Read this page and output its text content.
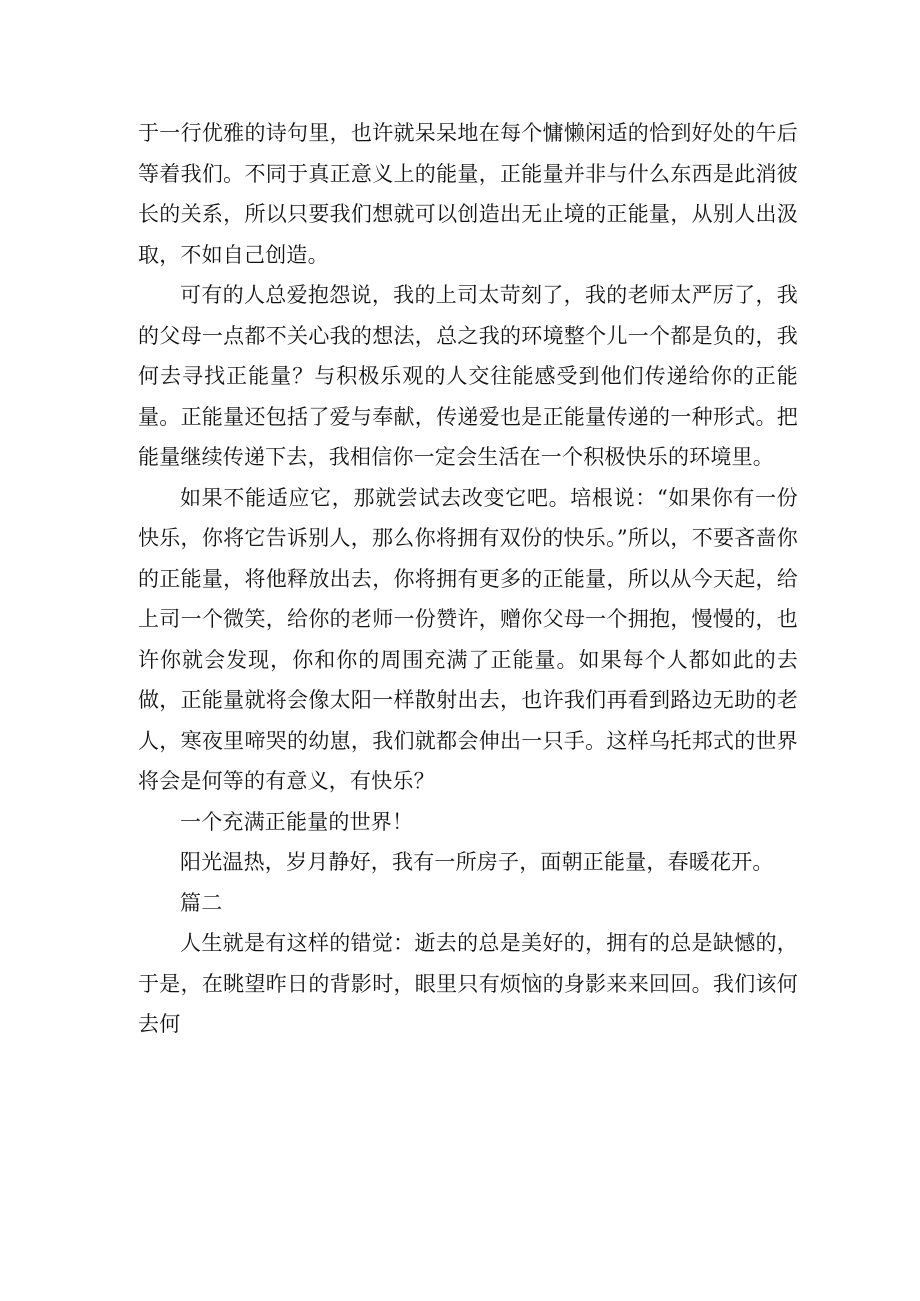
于一行优雅的诗句里，也许就呆呆地在每个慵懒闲适的恰到好处的午后等着我们。不同于真正意义上的能量，正能量并非与什么东西是此消彼长的关系，所以只要我们想就可以创造出无止境的正能量，从别人出汲取，不如自己创造。

可有的人总爱抱怨说，我的上司太苛刻了，我的老师太严厉了，我的父母一点都不关心我的想法，总之我的环境整个儿一个都是负的，我何去寻找正能量？与积极乐观的人交往能感受到他们传递给你的正能量。正能量还包括了爱与奉献，传递爱也是正能量传递的一种形式。把能量继续传递下去，我相信你一定会生活在一个积极快乐的环境里。

如果不能适应它，那就尝试去改变它吧。培根说：“如果你有一份快乐，你将它告诉别人，那么你将拥有双份的快乐。”所以，不要吝啬你的正能量，将他释放出去，你将拥有更多的正能量，所以从今天起，给上司一个微笑，给你的老师一份赞许，赠你父母一个拥抱，慢慢的，也许你就会发现，你和你的周围充满了正能量。如果每个人都如此的去做，正能量就将会像太阳一样散射出去，也许我们再看到路边无助的老人，寒夜里啼哭的幼崽，我们就都会伸出一只手。这样乌托邦式的世界将会是何等的有意义，有快乐？

一个充满正能量的世界！

阳光温热，岁月静好，我有一所房子，面朝正能量，春暖花开。

篇二

人生就是有这样的错觉：逝去的总是美好的，拥有的总是缺憾的，于是，在眺望昨日的背影时，眼里只有烦恼的身影来来回回。我们该何去何
